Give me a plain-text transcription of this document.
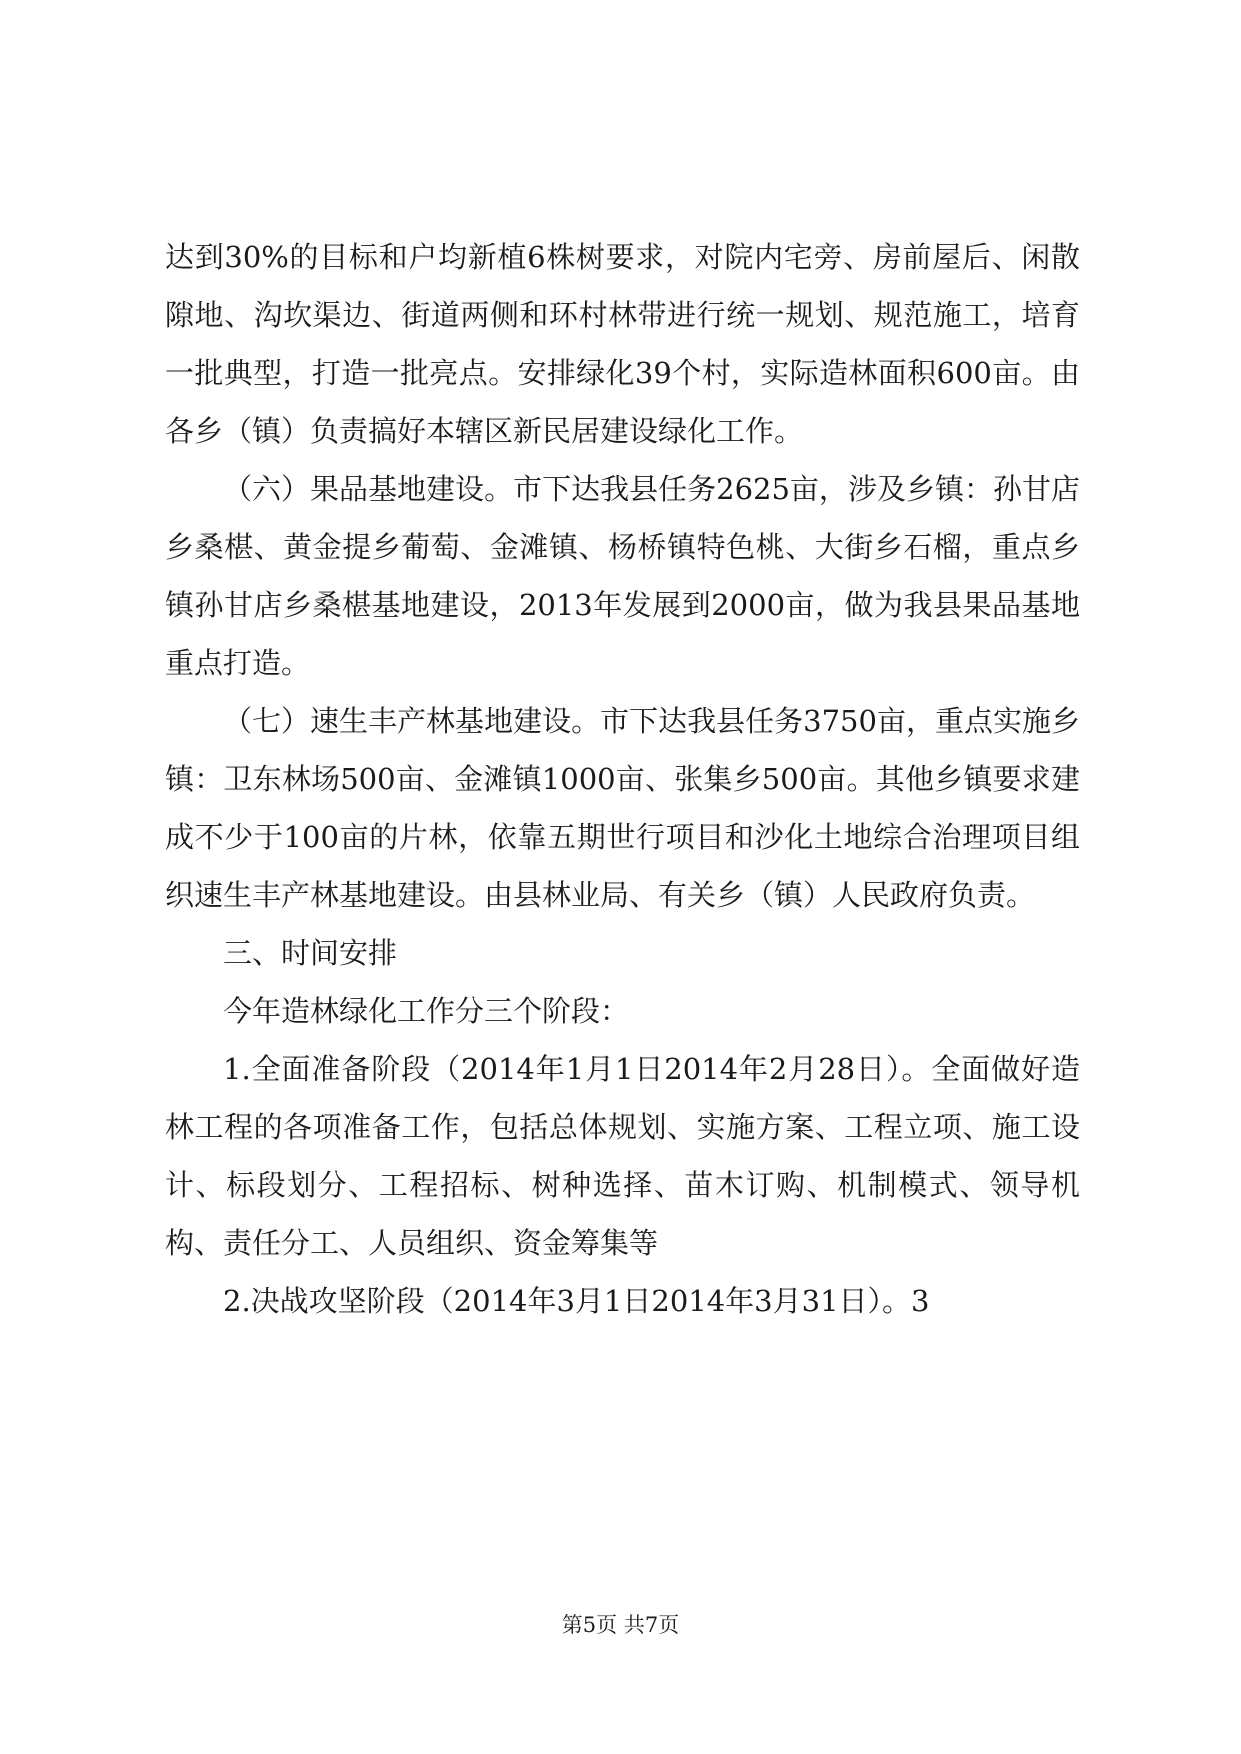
达到30%的目标和户均新植6株树要求，对院内宅旁、房前屋后、闲散隙地、沟坎渠边、街道两侧和环村林带进行统一规划、规范施工，培育一批典型，打造一批亮点。安排绿化39个村，实际造林面积600亩。由各乡（镇）负责搞好本辖区新民居建设绿化工作。

（六）果品基地建设。市下达我县任务2625亩，涉及乡镇：孙甘店乡桑椹、黄金提乡葡萄、金滩镇、杨桥镇特色桃、大街乡石榴，重点乡镇孙甘店乡桑椹基地建设，2013年发展到2000亩，做为我县果品基地重点打造。

（七）速生丰产林基地建设。市下达我县任务3750亩，重点实施乡镇：卫东林场500亩、金滩镇1000亩、张集乡500亩。其他乡镇要求建成不少于100亩的片林，依靠五期世行项目和沙化土地综合治理项目组织速生丰产林基地建设。由县林业局、有关乡（镇）人民政府负责。

三、时间安排

今年造林绿化工作分三个阶段：

1.全面准备阶段（2014年1月1日2014年2月28日）。全面做好造林工程的各项准备工作，包括总体规划、实施方案、工程立项、施工设计、标段划分、工程招标、树种选择、苗木订购、机制模式、领导机构、责任分工、人员组织、资金筹集等

2.决战攻坚阶段（2014年3月1日2014年3月31日）。3

第5页 共7页
